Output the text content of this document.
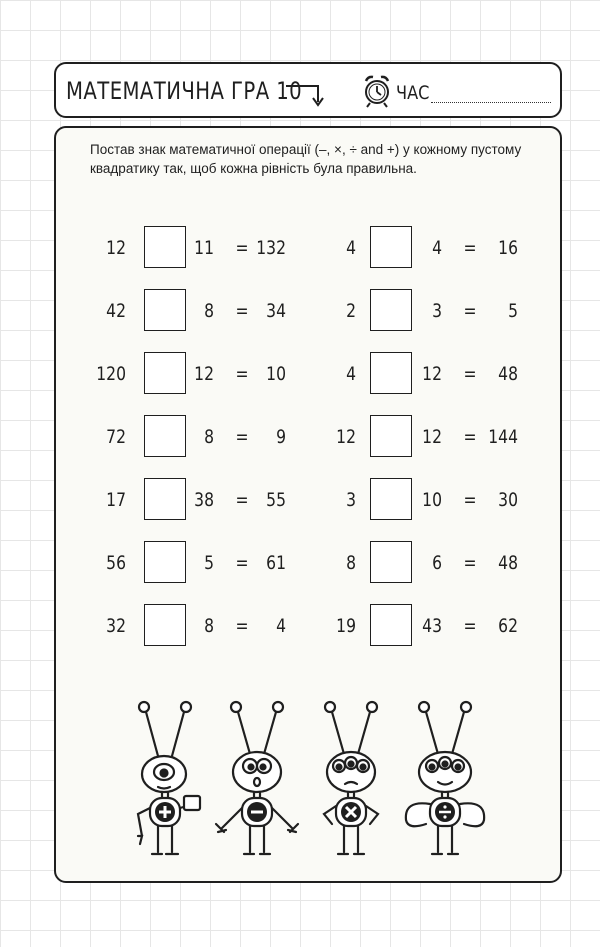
МАТЕМАТИЧНА ГРА 10	ЧАС

Постав знак математичної операції (–, ×, ÷ and +) у кожному пустому квадратику так, щоб кожна рівність була правильна.

12	11 = 132
42	8 = 34
120	12 = 10
72	8 =	9
17	38 = 55
56	5 = 61
32	8 =	4
4	4 =	16
2	3 =	5
4	12 =	48
12	12 = 144
3	10 =	30
8	6 =	48
19	43 =	62
